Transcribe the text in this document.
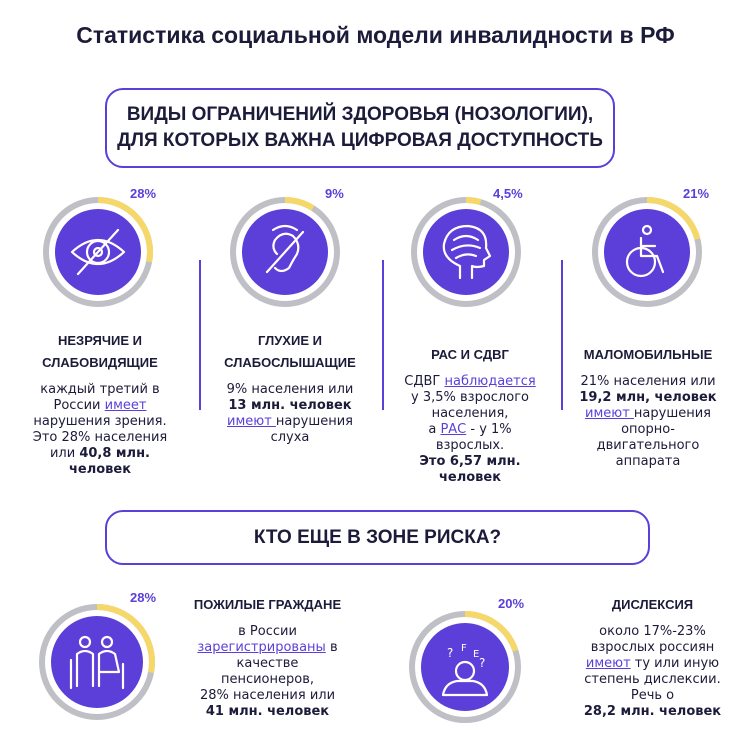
Статистика социальной модели инвалидности в РФ
ВИДЫ ОГРАНИЧЕНИЙ ЗДОРОВЬЯ (НОЗОЛОГИИ),
ДЛЯ КОТОРЫХ ВАЖНА ЦИФРОВАЯ ДОСТУПНОСТЬ
? F
E
?
28%	9%	4,5%	21%
28%	20%
НЕЗРЯЧИЕ И
СЛАБОВИДЯЩИЕ
каждый третий в
России имеет
нарушения зрения.
Это 28% населения
или 40,8 млн.
человек
ГЛУХИЕ И
СЛАБОСЛЫШАЩИЕ
9% населения или
13 млн. человек
имеют нарушения
слуха
РАС И СДВГ
СДВГ наблюдается
у 3,5% взрослого
населения,
а РАС - у 1%
взрослых.
Это 6,57 млн.
человек
МАЛОМОБИЛЬНЫЕ
21% населения или
19,2 млн, человек
имеют нарушения
опорно-
двигательного
аппарата
КТО ЕЩЕ В ЗОНЕ РИСКА?
ПОЖИЛЫЕ ГРАЖДАНЕ
в России
зарегистрированы в
качестве
пенсионеров,
28% населения или
41 млн. человек
ДИСЛЕКСИЯ
около 17%-23%
взрослых россиян
имеют ту или иную
степень дислексии.
Речь о
28,2 млн. человек
